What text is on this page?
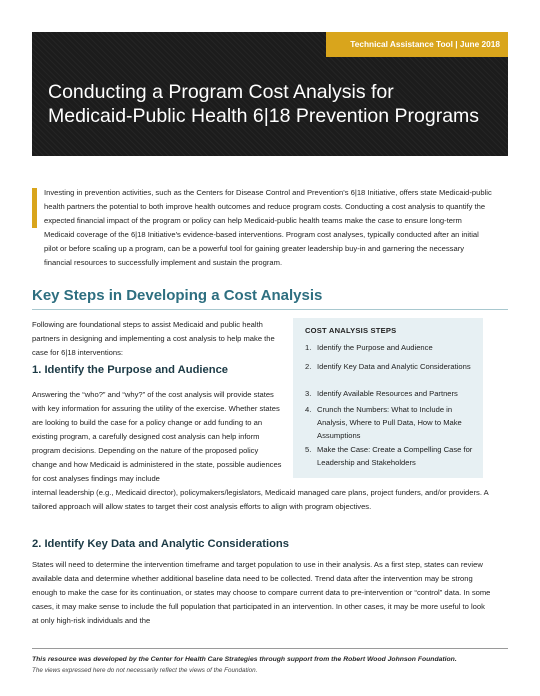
Technical Assistance Tool | June 2018
Conducting a Program Cost Analysis for
Medicaid-Public Health 6|18 Prevention Programs

Investing in prevention activities, such as the Centers for Disease Control and Prevention's 6|18 Initiative, offers state Medicaid-public health partners the potential to both improve health outcomes and reduce program costs. Conducting a cost analysis to quantify the expected financial impact of the program or policy can help Medicaid-public health teams make the case to ensure long-term Medicaid coverage of the 6|18 Initiative's evidence-based interventions. Program cost analyses, typically conducted after an initial pilot or before scaling up a program, can be a powerful tool for gaining greater leadership buy-in and garnering the necessary financial resources to successfully implement and sustain the program.

Key Steps in Developing a Cost Analysis

Following are foundational steps to assist Medicaid and public health partners in designing and implementing a cost analysis to help make the case for 6|18 interventions:

1. Identify the Purpose and Audience

Answering the “who?” and “why?” of the cost analysis will provide states with key information for assuring the utility of the exercise. Whether states are looking to build the case for a policy change or add funding to an existing program, a carefully designed cost analysis can help inform program decisions. Depending on the nature of the proposed policy change and how Medicaid is administered in the state, possible audiences for cost analyses findings may include

internal leadership (e.g., Medicaid director), policymakers/legislators, Medicaid managed care plans, project funders, and/or providers. A tailored approach will allow states to target their cost analysis efforts to align with program objectives.

2. Identify Key Data and Analytic Considerations

States will need to determine the intervention timeframe and target population to use in their analysis. As a first step, states can review available data and determine whether additional baseline data need to be collected. Trend data after the intervention may be strong enough to make the case for its continuation, or states may choose to compare current data to pre-intervention or “control” data. In some cases, it may make sense to include the full population that participated in an intervention. In other cases, it may be more useful to look at only high-risk individuals and the

COST ANALYSIS STEPS
1. Identify the Purpose and Audience
2. Identify Key Data and Analytic Considerations
3. Identify Available Resources and Partners
4. Crunch the Numbers: What to Include in Analysis, Where to Pull Data, How to Make Assumptions
5. Make the Case: Create a Compelling Case for Leadership and Stakeholders
This resource was developed by the Center for Health Care Strategies through support from the Robert Wood Johnson Foundation.
The views expressed here do not necessarily reflect the views of the Foundation.
